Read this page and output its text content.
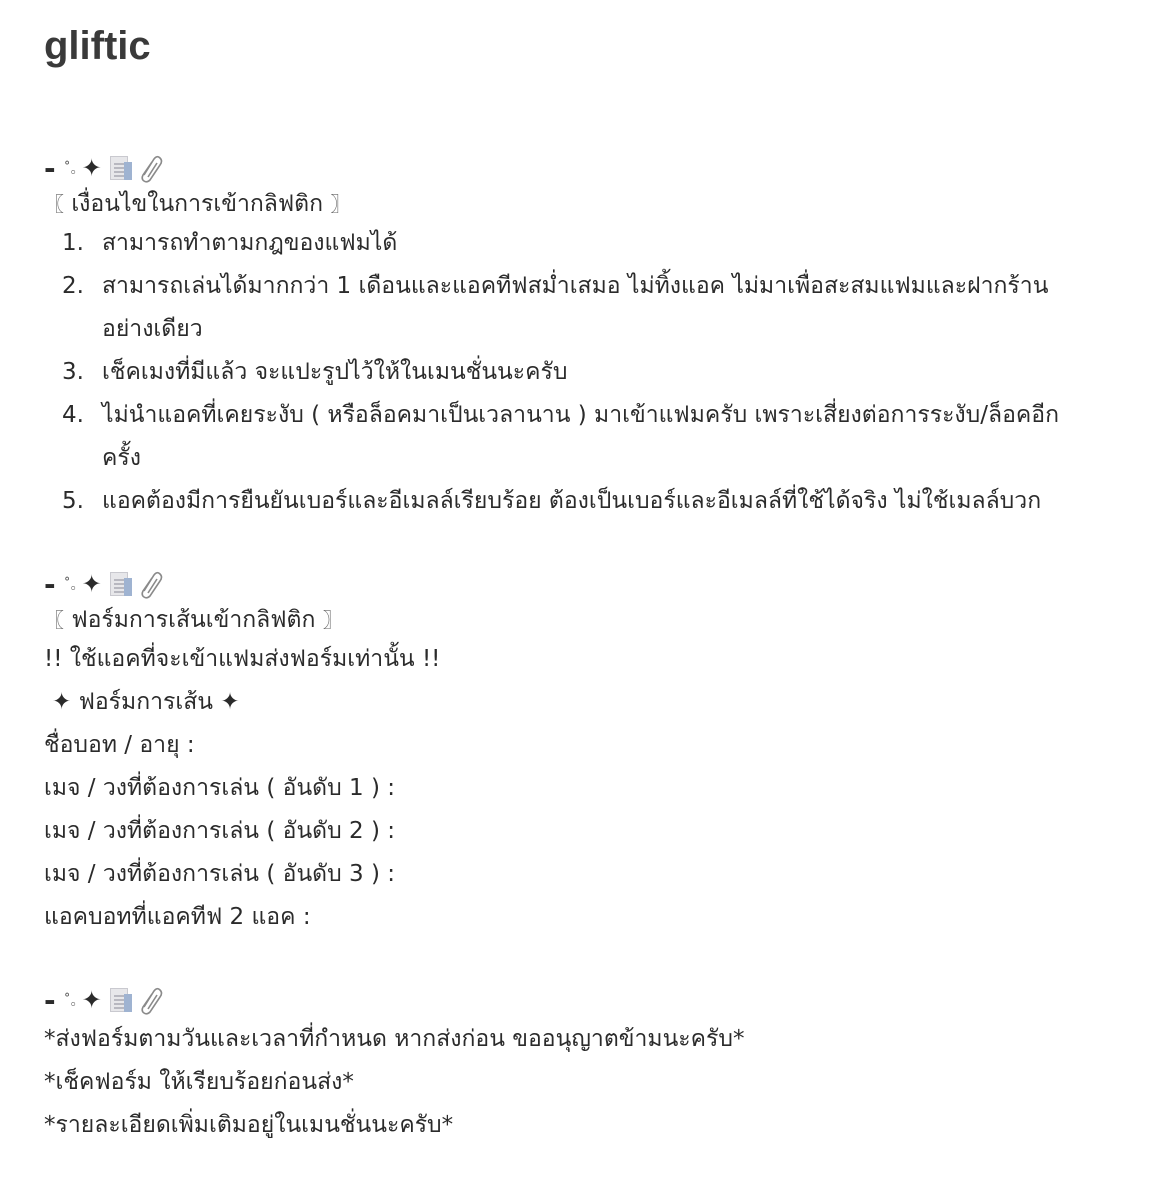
gliftic
- ˚｡ ✦
〖 เงื่อนไขในการเข้ากลิฟติก 〗
1. สามารถทำตามกฎของแฟมได้
2. สามารถเล่นได้มากกว่า 1 เดือนและแอคทีฟสม่ำเสมอ ไม่ทิ้งแอค ไม่มาเพื่อสะสมแฟมและฝากร้านอย่างเดียว
3. เช็คเมงที่มีแล้ว จะแปะรูปไว้ให้ในเมนชั่นนะครับ
4. ไม่นำแอคที่เคยระงับ ( หรือล็อคมาเป็นเวลานาน ) มาเข้าแฟมครับ เพราะเสี่ยงต่อการระงับ/ล็อคอีกครั้ง
5. แอคต้องมีการยืนยันเบอร์และอีเมลล์เรียบร้อย ต้องเป็นเบอร์และอีเมลล์ที่ใช้ได้จริง ไม่ใช้เมลล์บวก
- ˚｡ ✦
〖 ฟอร์มการเส้นเข้ากลิฟติก 〗
!! ใช้แอคที่จะเข้าแฟมส่งฟอร์มเท่านั้น !!
✦ ฟอร์มการเส้น ✦
ชื่อบอท / อายุ :
เมจ / วงที่ต้องการเล่น ( อันดับ 1 ) :
เมจ / วงที่ต้องการเล่น ( อันดับ 2 ) :
เมจ / วงที่ต้องการเล่น ( อันดับ 3 ) :
แอคบอทที่แอคทีฟ 2 แอค :
- ˚｡ ✦
*ส่งฟอร์มตามวันและเวลาที่กำหนด หากส่งก่อน ขออนุญาตข้ามนะครับ*
*เช็คฟอร์ม ให้เรียบร้อยก่อนส่ง*
*รายละเอียดเพิ่มเติมอยู่ในเมนชั่นนะครับ*
